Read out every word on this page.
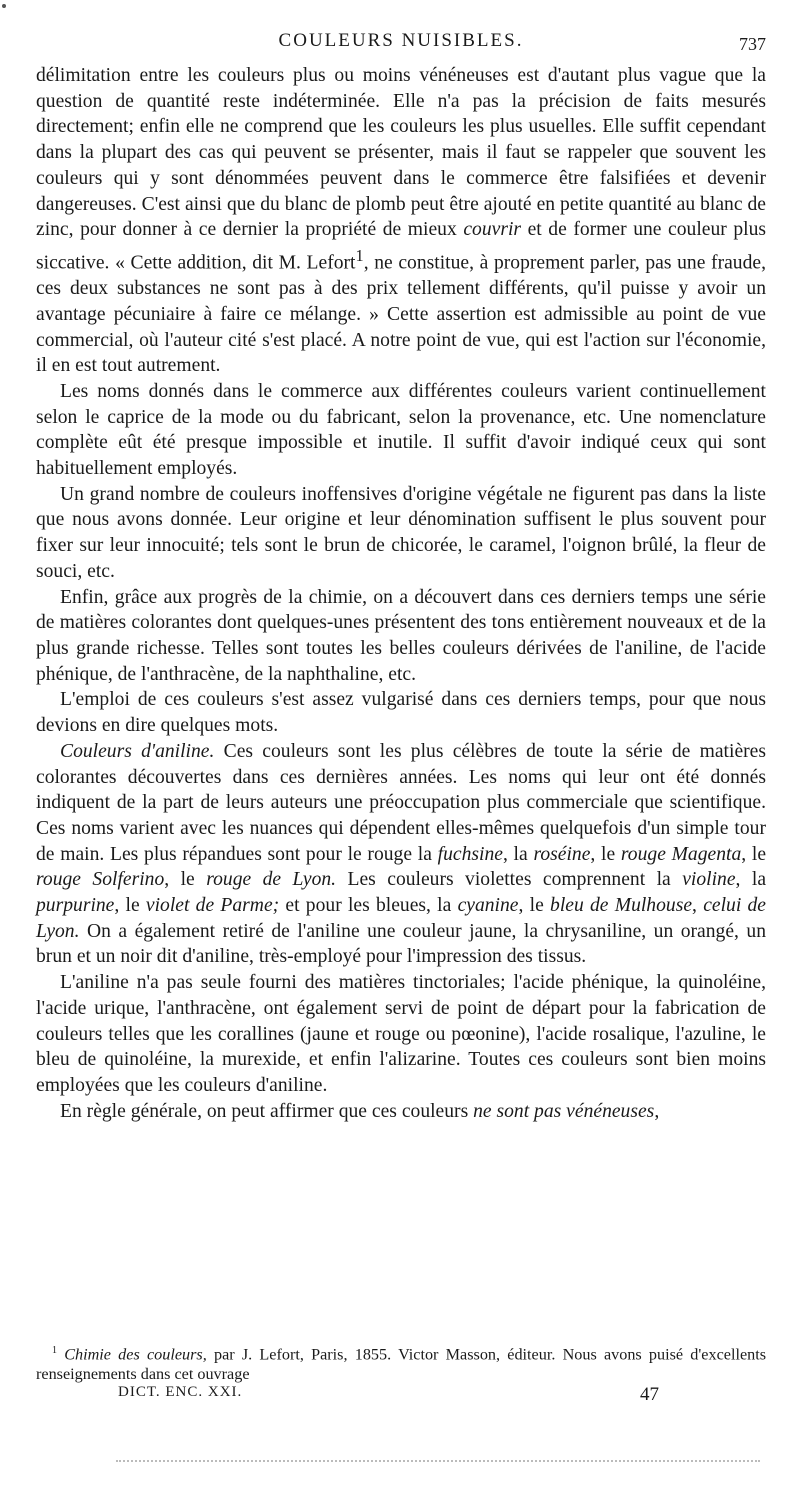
COULEURS NUISIBLES.	737

délimitation entre les couleurs plus ou moins vénéneuses est d'autant plus vague que la question de quantité reste indéterminée. Elle n'a pas la précision de faits mesurés directement; enfin elle ne comprend que les couleurs les plus usuelles. Elle suffit cependant dans la plupart des cas qui peuvent se présenter, mais il faut se rappeler que souvent les couleurs qui y sont dénommées peuvent dans le commerce être falsifiées et devenir dangereuses. C'est ainsi que du blanc de plomb peut être ajouté en petite quantité au blanc de zinc, pour donner à ce dernier la propriété de mieux couvrir et de former une couleur plus siccative. « Cette addition, dit M. Lefort$^1$, ne constitue, à proprement parler, pas une fraude, ces deux substances ne sont pas à des prix tellement différents, qu'il puisse y avoir un avantage pécuniaire à faire ce mélange. » Cette assertion est admissible au point de vue commercial, où l'auteur cité s'est placé. A notre point de vue, qui est l'action sur l'économie, il en est tout autrement.

Les noms donnés dans le commerce aux différentes couleurs varient continuellement selon le caprice de la mode ou du fabricant, selon la provenance, etc. Une nomenclature complète eût été presque impossible et inutile. Il suffit d'avoir indiqué ceux qui sont habituellement employés.

Un grand nombre de couleurs inoffensives d'origine végétale ne figurent pas dans la liste que nous avons donnée. Leur origine et leur dénomination suffisent le plus souvent pour fixer sur leur innocuité; tels sont le brun de chicorée, le caramel, l'oignon brûlé, la fleur de souci, etc.

Enfin, grâce aux progrès de la chimie, on a découvert dans ces derniers temps une série de matières colorantes dont quelques-unes présentent des tons entièrement nouveaux et de la plus grande richesse. Telles sont toutes les belles couleurs dérivées de l'aniline, de l'acide phénique, de l'anthracène, de la naphthaline, etc.

L'emploi de ces couleurs s'est assez vulgarisé dans ces derniers temps, pour que nous devions en dire quelques mots.

Couleurs d'aniline. Ces couleurs sont les plus célèbres de toute la série de matières colorantes découvertes dans ces dernières années. Les noms qui leur ont été donnés indiquent de la part de leurs auteurs une préoccupation plus commerciale que scientifique. Ces noms varient avec les nuances qui dépendent elles-mêmes quelquefois d'un simple tour de main. Les plus répandues sont pour le rouge la fuchsine, la roséine, le rouge Magenta, le rouge Solferino, le rouge de Lyon. Les couleurs violettes comprennent la violine, la purpurine, le violet de Parme; et pour les bleues, la cyanine, le bleu de Mulhouse, celui de Lyon. On a également retiré de l'aniline une couleur jaune, la chrysaniline, un orangé, un brun et un noir dit d'aniline, très-employé pour l'impression des tissus.

L'aniline n'a pas seule fourni des matières tinctoriales; l'acide phénique, la quinoléine, l'acide urique, l'anthracène, ont également servi de point de départ pour la fabrication de couleurs telles que les corallines (jaune et rouge ou pœonine), l'acide rosalique, l'azuline, le bleu de quinoléine, la murexide, et enfin l'alizarine. Toutes ces couleurs sont bien moins employées que les couleurs d'aniline.

En règle générale, on peut affirmer que ces couleurs ne sont pas vénéneuses,

$^1$ Chimie des couleurs, par J. Lefort, Paris, 1855. Victor Masson, éditeur. Nous avons puisé d'excellents renseignements dans cet ouvrage
DICT. ENC. XXI.	47
